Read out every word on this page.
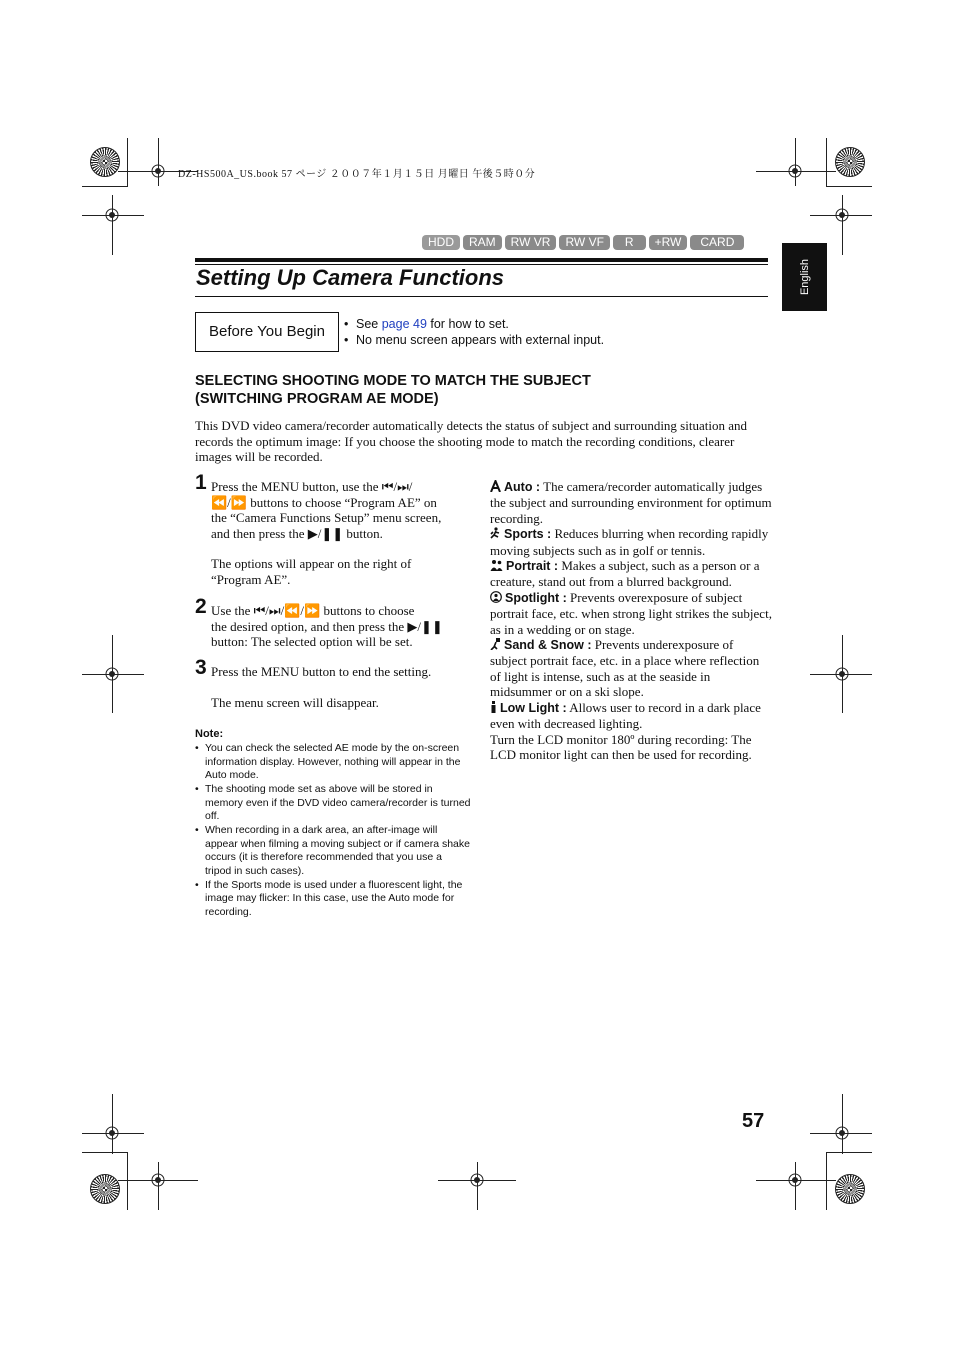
DZ-HS500A_US.book 57 ページ ２００７年１月１５日 月曜日 午後５時０分
HDD	RAM	RW VR	RW VF	R	+RW	CARD
English
Setting Up Camera Functions
Before You Begin
•	See page 49 for how to set.
• No menu screen appears with external input.
SELECTING SHOOTING MODE TO MATCH THE SUBJECT
(SWITCHING PROGRAM AE MODE)
This DVD video camera/recorder automatically detects the status of subject and surrounding situation and records the optimum image: If you choose the shooting mode to match the recording conditions, clearer images will be recorded.
1 Press the MENU button, use the ⏮/⏭/
⏪/⏩ buttons to choose “Program AE” on
the “Camera Functions Setup” menu screen,
and then press the ▶/❚❚ button.
The options will appear on the right of
“Program AE”.
2 Use the ⏮/⏭/⏪/⏩ buttons to choose
the desired option, and then press the ▶/❚❚
button: The selected option will be set.
3 Press the MENU button to end the setting.
The menu screen will disappear.
Note:
• You can check the selected AE mode by the on-screen information display. However, nothing will appear in the Auto mode.
• The shooting mode set as above will be stored in memory even if the DVD video camera/recorder is turned off.
• When recording in a dark area, an after-image will appear when filming a moving subject or if camera shake occurs (it is therefore recommended that you use a tripod in such cases).
• If the Sports mode is used under a fluorescent light, the image may flicker: In this case, use the Auto mode for recording.
Auto : The camera/recorder automatically judges the subject and surrounding environment for optimum recording.
Sports : Reduces blurring when recording rapidly moving subjects such as in golf or tennis.
Portrait : Makes a subject, such as a person or a creature, stand out from a blurred background.
Spotlight : Prevents overexposure of subject portrait face, etc. when strong light strikes the subject, as in a wedding or on stage.
Sand & Snow : Prevents underexposure of subject portrait face, etc. in a place where reflection of light is intense, such as at the seaside in midsummer or on a ski slope.
Low Light : Allows user to record in a dark place even with decreased lighting.
Turn the LCD monitor 180º during recording: The LCD monitor light can then be used for recording.
57
